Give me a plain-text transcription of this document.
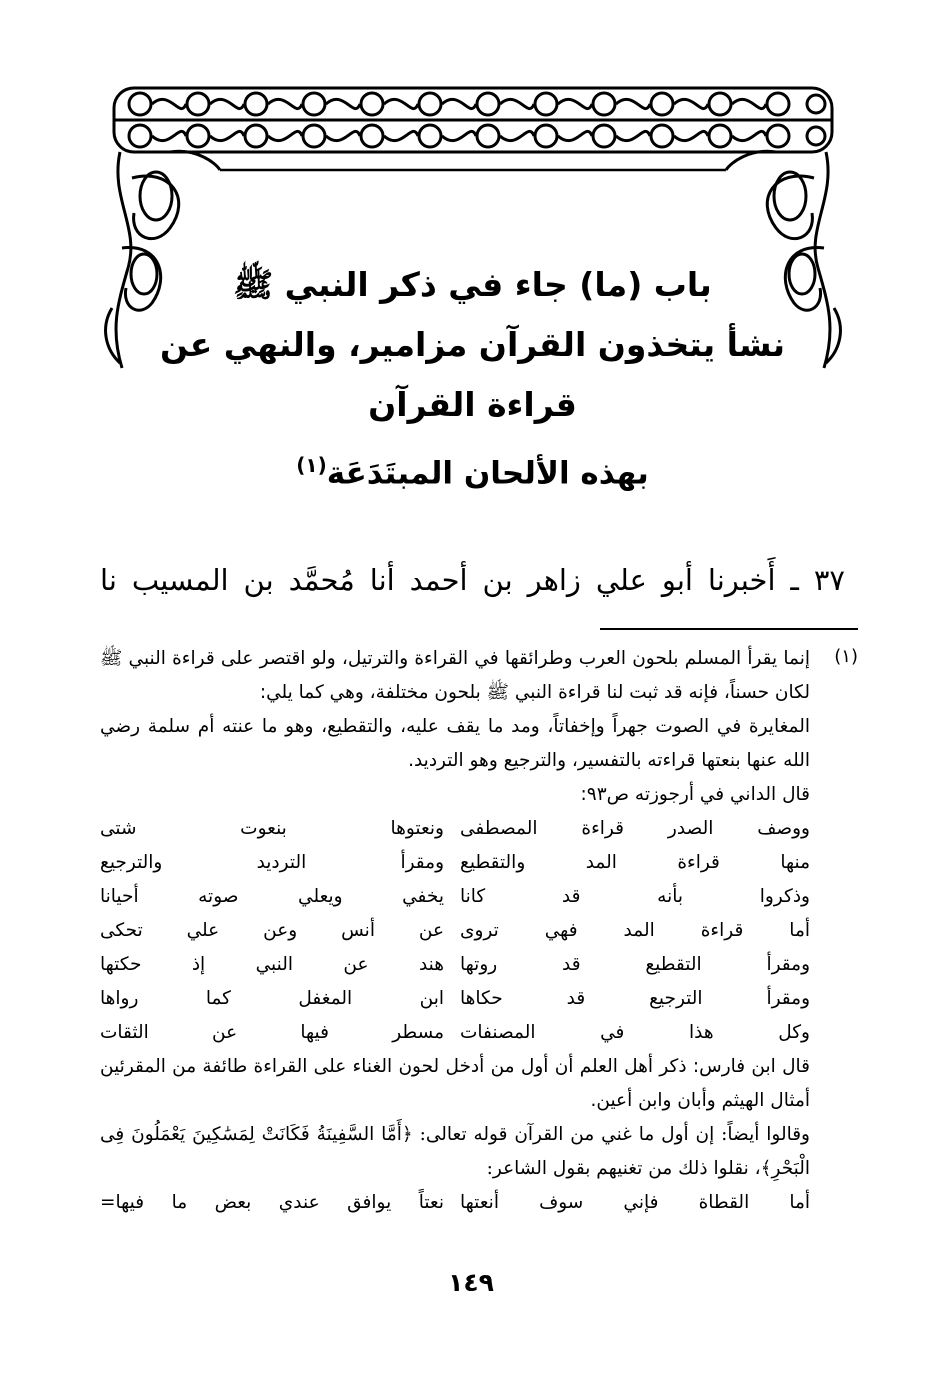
باب (ما) جاء في ذكر النبي ﷺ
نشأ يتخذون القرآن مزامير، والنهي عن قراءة القرآن
بهذه الألحان المبتَدَعَة$^{(١)}$
٣٧ ـ أَخبرنا أبو علي زاهر بن أحمد أنا مُحمَّد بن المسيب نا
(١)
إنما يقرأ المسلم بلحون العرب وطرائقها في القراءة والترتيل، ولو اقتصر على قراءة النبي ﷺ لكان حسناً، فإنه قد ثبت لنا قراءة النبي ﷺ بلحون مختلفة، وهي كما يلي:
المغايرة في الصوت جهراً وإخفاتاً، ومد ما يقف عليه، والتقطيع، وهو ما عنته أم سلمة رضي الله عنها بنعتها قراءته بالتفسير، والترجيع وهو الترديد.
قال الداني في أرجوزته ص٩٣:
ووصف الصدر قراءة المصطفى
ونعتوها بنعوت شتى
منها قراءة المد والتقطيع
ومقرأ الترديد والترجيع
وذكروا بأنه قد كانا
يخفي ويعلي صوته أحيانا
أما قراءة المد فهي تروى
عن أنس وعن علي تحكى
ومقرأ التقطيع قد روتها
هند عن النبي إذ حكتها
ومقرأ الترجيع قد حكاها
ابن المغفل كما رواها
وكل هذا في المصنفات
مسطر فيها عن الثقات
قال ابن فارس: ذكر أهل العلم أن أول من أدخل لحون الغناء على القراءة طائفة من المقرئين أمثال الهيثم وأبان وابن أعين.
وقالوا أيضاً: إن أول ما غني من القرآن قوله تعالى: ﴿أَمَّا السَّفِينَةُ فَكَانَتْ لِمَسَٰكِينَ يَعْمَلُونَ فِى الْبَحْرِ﴾، نقلوا ذلك من تغنيهم بقول الشاعر:
أما القطاة فإني سوف أنعتها
نعتاً يوافق عندي بعض ما فيها=
١٤٩
